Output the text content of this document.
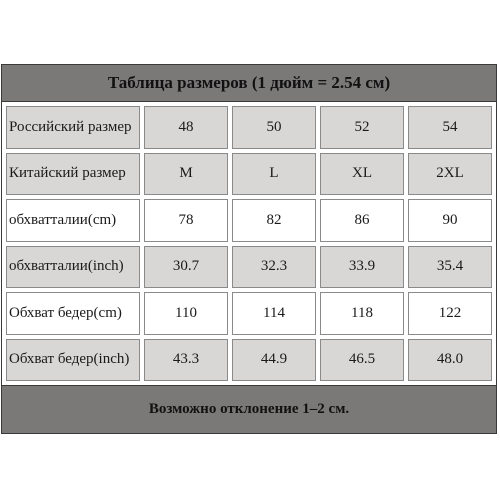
Таблица размеров (1 дюйм = 2.54 см)
Российский размер	48	50	52	54
Китайский размер	M	L	XL	2XL
обхватталии(cm)	78	82	86	90
обхватталии(inch)	30.7	32.3	33.9	35.4
Обхват бедер(cm)	110	114	118	122
Обхват бедер(inch)	43.3	44.9	46.5	48.0
Возможно отклонение 1–2 см.
